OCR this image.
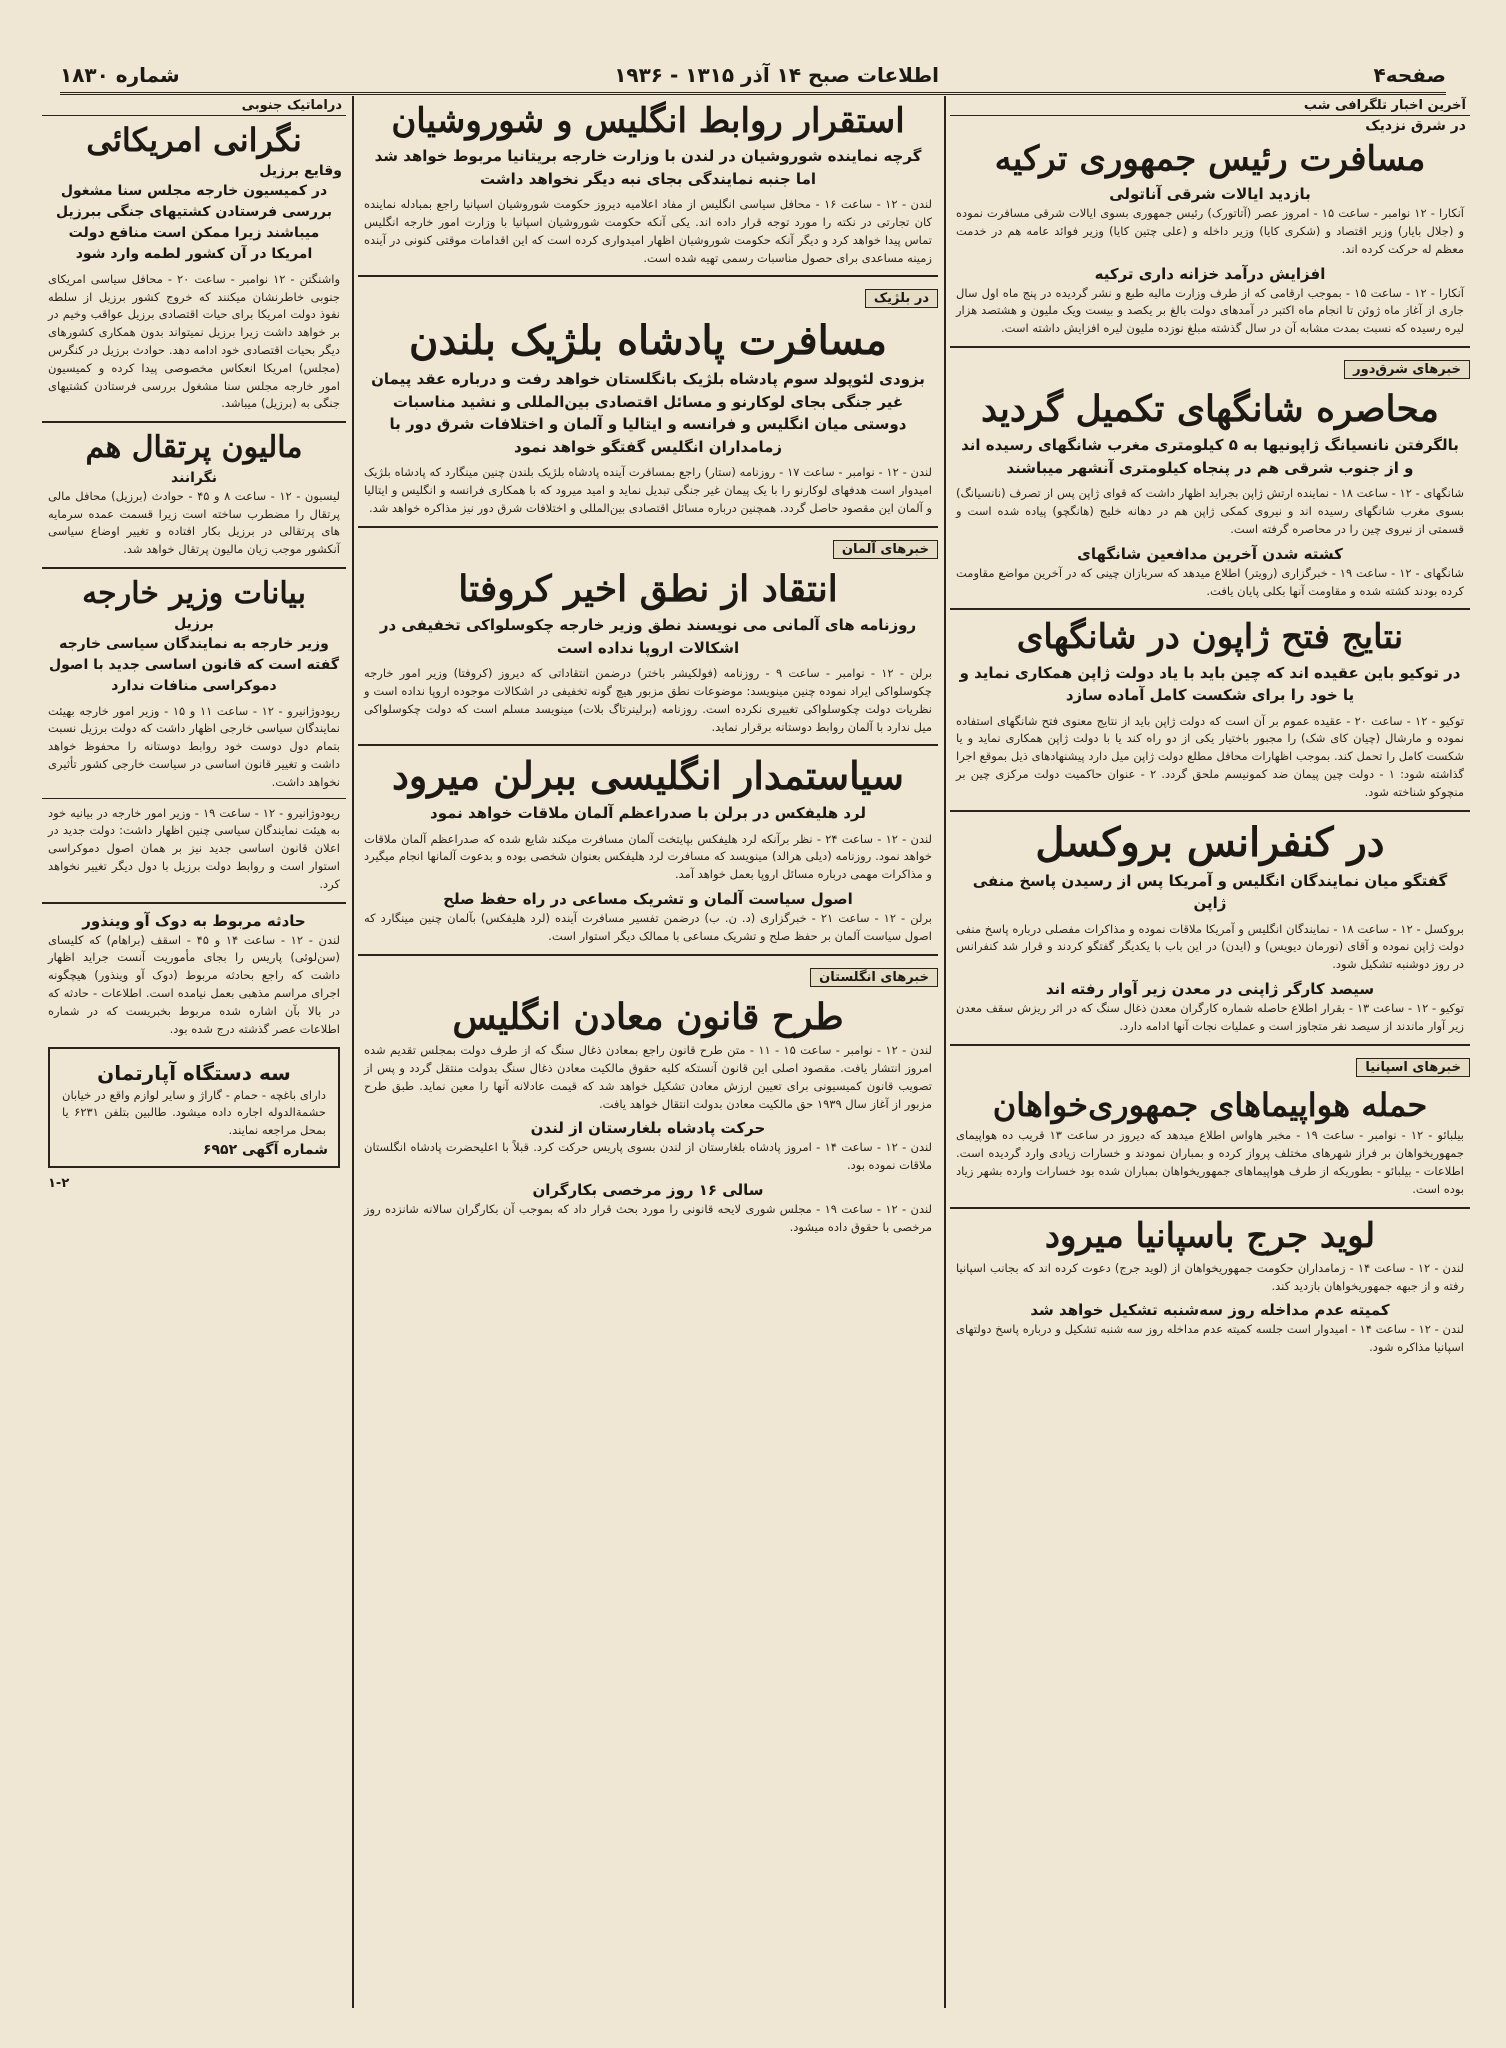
صفحه۴
اطلاعات صبح ۱۴ آذر ۱۳۱۵ - ۱۹۳۶
شماره ۱۸۳۰
آخرین اخبار تلگرافی شب
در شرق نزدیک
مسافرت رئیس جمهوری ترکیه
بازدید ایالات شرقی آناتولی
آنکارا - ۱۲ نوامبر - ساعت ۱۵ - امروز عصر (آتاتورک) رئیس جمهوری بسوی ایالات شرقی مسافرت نموده و (جلال بایار) وزیر اقتصاد و (شکری کایا) وزیر داخله و (علی چتین کایا) وزیر فوائد عامه هم در خدمت معظم له حرکت کرده اند.
افزایش درآمد خزانه داری ترکیه
آنکارا - ۱۲ - ساعت ۱۵ - بموجب ارقامی که از طرف وزارت مالیه طبع و نشر گردیده در پنج ماه اول سال جاری از آغاز ماه ژوئن تا انجام ماه اکتبر در آمدهای دولت بالغ بر یکصد و بیست ویک ملیون و هشتصد هزار لیره رسیده که نسبت بمدت مشابه آن در سال گذشته مبلغ نوزده ملیون لیره افزایش داشته است.
خبرهای شرق‌دور
محاصره شانگهای تکمیل گردید
بالگرفتن نانسیانگ ژاپونیها به ۵ کیلومتری مغرب شانگهای رسیده اند و از جنوب شرقی هم در پنجاه کیلومتری آنشهر میباشند
شانگهای - ۱۲ - ساعت ۱۸ - نماینده ارتش ژاپن بجراید اظهار داشت که قوای ژاپن پس از تصرف (نانسیانگ) بسوی مغرب شانگهای رسیده اند و نیروی کمکی ژاپن هم در دهانه خلیج (هانگچو) پیاده شده است و قسمتی از نیروی چین را در محاصره گرفته است.
کشته شدن آخرین مدافعین شانگهای
شانگهای - ۱۲ - ساعت ۱۹ - خبرگزاری (رویتر) اطلاع میدهد که سربازان چینی که در آخرین مواضع مقاومت کرده بودند کشته شده و مقاومت آنها بکلی پایان یافت.
نتایج فتح ژاپون در شانگهای
در توکیو باین عقیده اند که چین باید با یاد دولت ژاپن همکاری نماید و یا خود را برای شکست کامل آماده سازد
توکیو - ۱۲ - ساعت ۲۰ - عقیده عموم بر آن است که دولت ژاپن باید از نتایج معنوی فتح شانگهای استفاده نموده و مارشال (چیان کای شک) را مجبور باختیار یکی از دو راه کند یا با دولت ژاپن همکاری نماید و یا شکست کامل را تحمل کند. بموجب اظهارات محافل مطلع دولت ژاپن میل دارد پیشنهادهای ذیل بموقع اجرا گذاشته شود: ۱ - دولت چین پیمان ضد کمونیسم ملحق گردد. ۲ - عنوان حاکمیت دولت مرکزی چین بر منچوکو شناخته شود.
در کنفرانس بروکسل
گفتگو میان نمایندگان انگلیس و آمریکا پس از رسیدن پاسخ منفی ژاپن
بروکسل - ۱۲ - ساعت ۱۸ - نمایندگان انگلیس و آمریکا ملاقات نموده و مذاکرات مفصلی درباره پاسخ منفی دولت ژاپن نموده و آقای (نورمان دیویس) و (ایدن) در این باب با یکدیگر گفتگو کردند و قرار شد کنفرانس در روز دوشنبه تشکیل شود.
سیصد کارگر ژاپنی در معدن زیر آوار رفته اند
توکیو - ۱۲ - ساعت ۱۳ - بقرار اطلاع حاصله شماره کارگران معدن ذغال سنگ که در اثر ریزش سقف معدن زیر آوار ماندند از سیصد نفر متجاوز است و عملیات نجات آنها ادامه دارد.
خبرهای اسپانیا
حمله هواپیماهای جمهوری‌خواهان
بیلبائو - ۱۲ - نوامبر - ساعت ۱۹ - مخبر هاواس اطلاع میدهد که دیروز در ساعت ۱۳ قریب ده هواپیمای جمهوریخواهان بر فراز شهرهای مختلف پرواز کرده و بمباران نمودند و خسارات زیادی وارد گردیده است. اطلاعات - بیلبائو - بطوریکه از طرف هواپیماهای جمهوریخواهان بمباران شده بود خسارات وارده بشهر زیاد بوده است.
لوید جرج باسپانیا میرود
لندن - ۱۲ - ساعت ۱۴ - زمامداران حکومت جمهوریخواهان از (لوید جرج) دعوت کرده اند که بجانب اسپانیا رفته و از جبهه جمهوریخواهان بازدید کند.
کمیته عدم مداخله روز سه‌شنبه تشکیل خواهد شد
لندن - ۱۲ - ساعت ۱۴ - امیدوار است جلسه کمیته عدم مداخله روز سه شنبه تشکیل و درباره پاسخ دولتهای اسپانیا مذاکره شود.
استقرار روابط انگلیس و شوروشیان
گرچه نماینده شوروشیان در لندن با وزارت خارجه بریتانیا مربوط خواهد شد اما جنبه نمایندگی بجای نبه دیگر نخواهد داشت
لندن - ۱۲ - ساعت ۱۶ - محافل سیاسی انگلیس از مفاد اعلامیه دیروز حکومت شوروشیان اسپانیا راجع بمبادله نماینده کان تجارتی در نکته را مورد توجه قرار داده اند. یکی آنکه حکومت شوروشیان اسپانیا با وزارت امور خارجه انگلیس تماس پیدا خواهد کرد و دیگر آنکه حکومت شوروشیان اظهار امیدواری کرده است که این اقدامات موقتی کنونی در آینده زمینه مساعدی برای حصول مناسبات رسمی تهیه شده است.
در بلژیک
مسافرت پادشاه بلژیک بلندن
بزودی لئوپولد سوم پادشاه بلژیک بانگلستان خواهد رفت و درباره عقد پیمان غیر جنگی بجای لوکارنو و مسائل اقتصادی بین‌المللی و نشید مناسبات دوستی میان انگلیس و فرانسه و ایتالیا و آلمان و اختلافات شرق دور با زمامداران انگلیس گفتگو خواهد نمود
لندن - ۱۲ - نوامبر - ساعت ۱۷ - روزنامه (ستار) راجع بمسافرت آینده پادشاه بلژیک بلندن چنین مینگارد که پادشاه بلژیک امیدوار است هدفهای لوکارنو را با یک پیمان غیر جنگی تبدیل نماید و امید میرود که با همکاری فرانسه و انگلیس و ایتالیا و آلمان این مقصود حاصل گردد. همچنین درباره مسائل اقتصادی بین‌المللی و اختلافات شرق دور نیز مذاکره خواهد شد.
خبرهای آلمان
انتقاد از نطق اخیر کروفتا
روزنامه های آلمانی می نویسند نطق وزیر خارجه چکوسلواکی تخفیفی در اشکالات اروپا نداده است
برلن - ۱۲ - نوامبر - ساعت ۹ - روزنامه (فولکیشر باختر) درضمن انتقاداتی که دیروز (کروفتا) وزیر امور خارجه چکوسلواکی ایراد نموده چنین مینویسد: موضوعات نطق مزبور هیچ گونه تخفیفی در اشکالات موجوده اروپا نداده است و نظریات دولت چکوسلواکی تغییری نکرده است. روزنامه (برلینرتاگ بلات) مینویسد مسلم است که دولت چکوسلواکی میل ندارد با آلمان روابط دوستانه برقرار نماید.
سیاستمدار انگلیسی ببرلن میرود
لرد هلیفکس در برلن با صدراعظم آلمان ملاقات خواهد نمود
لندن - ۱۲ - ساعت ۲۴ - نظر برآنکه لرد هلیفکس بپایتخت آلمان مسافرت میکند شایع شده که صدراعظم آلمان ملاقات خواهد نمود. روزنامه (دیلی هرالد) مینویسد که مسافرت لرد هلیفکس بعنوان شخصی بوده و بدعوت آلمانها انجام میگیرد و مذاکرات مهمی درباره مسائل اروپا بعمل خواهد آمد.
اصول سیاست آلمان و تشریک مساعی در راه حفظ صلح
برلن - ۱۲ - ساعت ۲۱ - خبرگزاری (د. ن. ب) درضمن تفسیر مسافرت آینده (لرد هلیفکس) بآلمان چنین مینگارد که اصول سیاست آلمان بر حفظ صلح و تشریک مساعی با ممالک دیگر استوار است.
خبرهای انگلستان
طرح قانون معادن انگلیس
لندن - ۱۲ - نوامبر - ساعت ۱۵ - ۱۱ - متن طرح قانون راجع بمعادن ذغال سنگ که از طرف دولت بمجلس تقدیم شده امروز انتشار یافت. مقصود اصلی این قانون آنستکه کلیه حقوق مالکیت معادن ذغال سنگ بدولت منتقل گردد و پس از تصویب قانون کمیسیونی برای تعیین ارزش معادن تشکیل خواهد شد که قیمت عادلانه آنها را معین نماید. طبق طرح مزبور از آغاز سال ۱۹۳۹ حق مالکیت معادن بدولت انتقال خواهد یافت.
حرکت پادشاه بلغارستان از لندن
لندن - ۱۲ - ساعت ۱۴ - امروز پادشاه بلغارستان از لندن بسوی پاریس حرکت کرد. قبلاً با اعلیحضرت پادشاه انگلستان ملاقات نموده بود.
سالی ۱۶ روز مرخصی بکارگران
لندن - ۱۲ - ساعت ۱۹ - مجلس شوری لایحه قانونی را مورد بحث قرار داد که بموجب آن بکارگران سالانه شانزده روز مرخصی با حقوق داده میشود.
دراماتیک جنوبی
نگرانی امریکائی
وقایع برزیل
در کمیسیون خارجه مجلس سنا مشغول بررسی فرستادن کشتیهای جنگی ببرزیل میباشند زیرا ممکن است منافع دولت امریکا در آن کشور لطمه وارد شود
واشنگتن - ۱۲ نوامبر - ساعت ۲۰ - محافل سیاسی امریکای جنوبی خاطرنشان میکنند که خروج کشور برزیل از سلطه نفوذ دولت امریکا برای حیات اقتصادی برزیل عواقب وخیم در بر خواهد داشت زیرا برزیل نمیتواند بدون همکاری کشورهای دیگر بحیات اقتصادی خود ادامه دهد. حوادث برزیل در کنگرس (مجلس) امریکا انعکاس مخصوصی پیدا کرده و کمیسیون امور خارجه مجلس سنا مشغول بررسی فرستادن کشتیهای جنگی به (برزیل) میباشد.
مالیون پرتقال هم
نگرانند
لیسبون - ۱۲ - ساعت ۸ و ۴۵ - حوادث (برزیل) محافل مالی پرتقال را مضطرب ساخته است زیرا قسمت عمده سرمایه های پرتقالی در برزیل بکار افتاده و تغییر اوضاع سیاسی آنکشور موجب زیان مالیون پرتقال خواهد شد.
بیانات وزیر خارجه
برزیل
وزیر خارجه به نمایندگان سیاسی خارجه گفته است که قانون اساسی جدید با اصول دموکراسی منافات ندارد
ریودوژانیرو - ۱۲ - ساعت ۱۱ و ۱۵ - وزیر امور خارجه بهیئت نمایندگان سیاسی خارجی اظهار داشت که دولت برزیل نسبت بتمام دول دوست خود روابط دوستانه را محفوظ خواهد داشت و تغییر قانون اساسی در سیاست خارجی کشور تأثیری نخواهد داشت.
ریودوژانیرو - ۱۲ - ساعت ۱۹ - وزیر امور خارجه در بیانیه خود به هیئت نمایندگان سیاسی چنین اظهار داشت: دولت جدید در اعلان قانون اساسی جدید نیز بر همان اصول دموکراسی استوار است و روابط دولت برزیل با دول دیگر تغییر نخواهد کرد.
حادثه مربوط به دوک آو وینذور
لندن - ۱۲ - ساعت ۱۴ و ۴۵ - اسقف (براهام) که کلیسای (سن‌لوئی) پاریس را بجای مأموریت آنست جراید اظهار داشت که راجع بحادثه مربوط (دوک آو وینذور) هیچگونه اجرای مراسم مذهبی بعمل نیامده است. اطلاعات - حادثه که در بالا بآن اشاره شده مربوط بخبریست که در شماره اطلاعات عصر گذشته درج شده بود.
سه دستگاه آپارتمان
دارای باغچه - حمام - گاراژ و سایر لوازم واقع در خیابان حشمة‌الدوله اجاره داده میشود. طالبین بتلفن ۶۲۳۱ یا بمحل مراجعه نمایند.
شماره آگهی ۶۹۵۲
۱-۲
